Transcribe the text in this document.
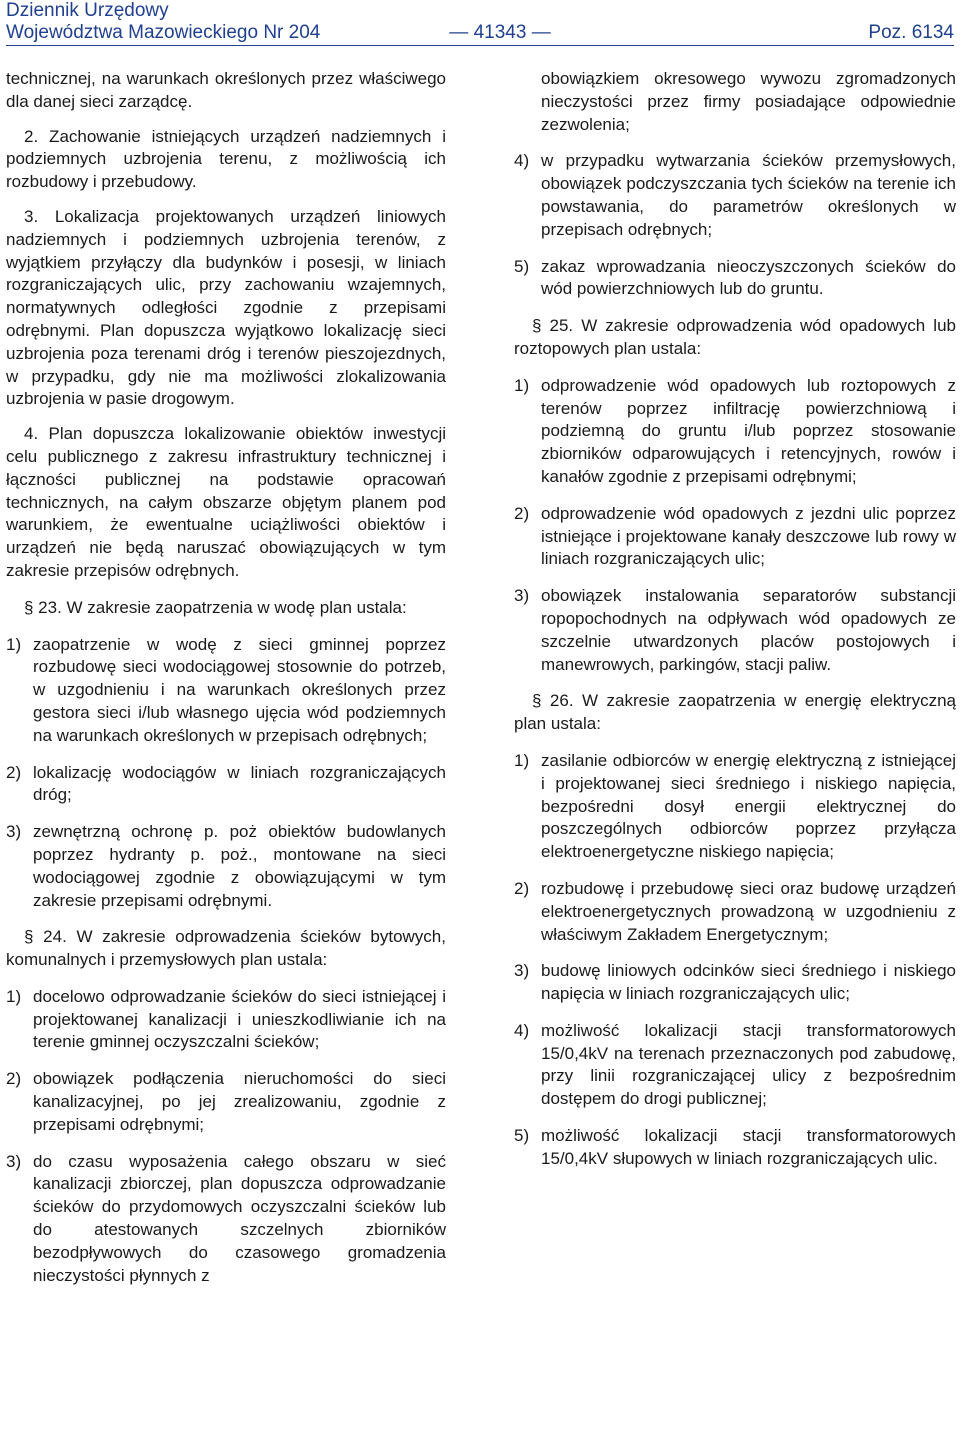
Dziennik Urzędowy
Województwa Mazowieckiego Nr 204	— 41343 —	Poz. 6134

technicznej, na warunkach określonych przez właściwego dla danej sieci zarządcę.

2. Zachowanie istniejących urządzeń nadziemnych i podziemnych uzbrojenia terenu, z możliwością ich rozbudowy i przebudowy.

3. Lokalizacja projektowanych urządzeń liniowych nadziemnych i podziemnych uzbrojenia terenów, z wyjątkiem przyłączy dla budynków i posesji, w liniach rozgraniczających ulic, przy zachowaniu wzajemnych, normatywnych odległości zgodnie z przepisami odrębnymi. Plan dopuszcza wyjątkowo lokalizację sieci uzbrojenia poza terenami dróg i terenów pieszojezdnych, w przypadku, gdy nie ma możliwości zlokalizowania uzbrojenia w pasie drogowym.

4. Plan dopuszcza lokalizowanie obiektów inwestycji celu publicznego z zakresu infrastruktury technicznej i łączności publicznej na podstawie opracowań technicznych, na całym obszarze objętym planem pod warunkiem, że ewentualne uciążliwości obiektów i urządzeń nie będą naruszać obowiązujących w tym zakresie przepisów odrębnych.

§ 23. W zakresie zaopatrzenia w wodę plan ustala:

1) zaopatrzenie w wodę z sieci gminnej poprzez rozbudowę sieci wodociągowej stosownie do potrzeb, w uzgodnieniu i na warunkach określonych przez gestora sieci i/lub własnego ujęcia wód podziemnych na warunkach określonych w przepisach odrębnych;
2) lokalizację wodociągów w liniach rozgraniczających dróg;
3) zewnętrzną ochronę p. poż obiektów budowlanych poprzez hydranty p. poż., montowane na sieci wodociągowej zgodnie z obowiązującymi w tym zakresie przepisami odrębnymi.

§ 24. W zakresie odprowadzenia ścieków bytowych, komunalnych i przemysłowych plan ustala:

1) docelowo odprowadzanie ścieków do sieci istniejącej i projektowanej kanalizacji i unieszkodliwianie ich na terenie gminnej oczyszczalni ścieków;
2) obowiązek podłączenia nieruchomości do sieci kanalizacyjnej, po jej zrealizowaniu, zgodnie z przepisami odrębnymi;
3) do czasu wyposażenia całego obszaru w sieć kanalizacji zbiorczej, plan dopuszcza odprowadzanie ścieków do przydomowych oczyszczalni ścieków lub do atestowanych szczelnych zbiorników bezodpływowych do czasowego gromadzenia nieczystości płynnych z
obowiązkiem okresowego wywozu zgromadzonych nieczystości przez firmy posiadające odpowiednie zezwolenia;
4) w przypadku wytwarzania ścieków przemysłowych, obowiązek podczyszczania tych ścieków na terenie ich powstawania, do parametrów określonych w przepisach odrębnych;
5) zakaz wprowadzania nieoczyszczonych ścieków do wód powierzchniowych lub do gruntu.

§ 25. W zakresie odprowadzenia wód opadowych lub roztopowych plan ustala:

1) odprowadzenie wód opadowych lub roztopowych z terenów poprzez infiltrację powierzchniową i podziemną do gruntu i/lub poprzez stosowanie zbiorników odparowujących i retencyjnych, rowów i kanałów zgodnie z przepisami odrębnymi;
2) odprowadzenie wód opadowych z jezdni ulic poprzez istniejące i projektowane kanały deszczowe lub rowy w liniach rozgraniczających ulic;
3) obowiązek instalowania separatorów substancji ropopochodnych na odpływach wód opadowych ze szczelnie utwardzonych placów postojowych i manewrowych, parkingów, stacji paliw.

§ 26. W zakresie zaopatrzenia w energię elektryczną plan ustala:

1) zasilanie odbiorców w energię elektryczną z istniejącej i projektowanej sieci średniego i niskiego napięcia, bezpośredni dosył energii elektrycznej do poszczególnych odbiorców poprzez przyłącza elektroenergetyczne niskiego napięcia;
2) rozbudowę i przebudowę sieci oraz budowę urządzeń elektroenergetycznych prowadzoną w uzgodnieniu z właściwym Zakładem Energetycznym;
3) budowę liniowych odcinków sieci średniego i niskiego napięcia w liniach rozgraniczających ulic;
4) możliwość lokalizacji stacji transformatorowych 15/0,4kV na terenach przeznaczonych pod zabudowę, przy linii rozgraniczającej ulicy z bezpośrednim dostępem do drogi publicznej;
5) możliwość lokalizacji stacji transformatorowych 15/0,4kV słupowych w liniach rozgraniczających ulic.
